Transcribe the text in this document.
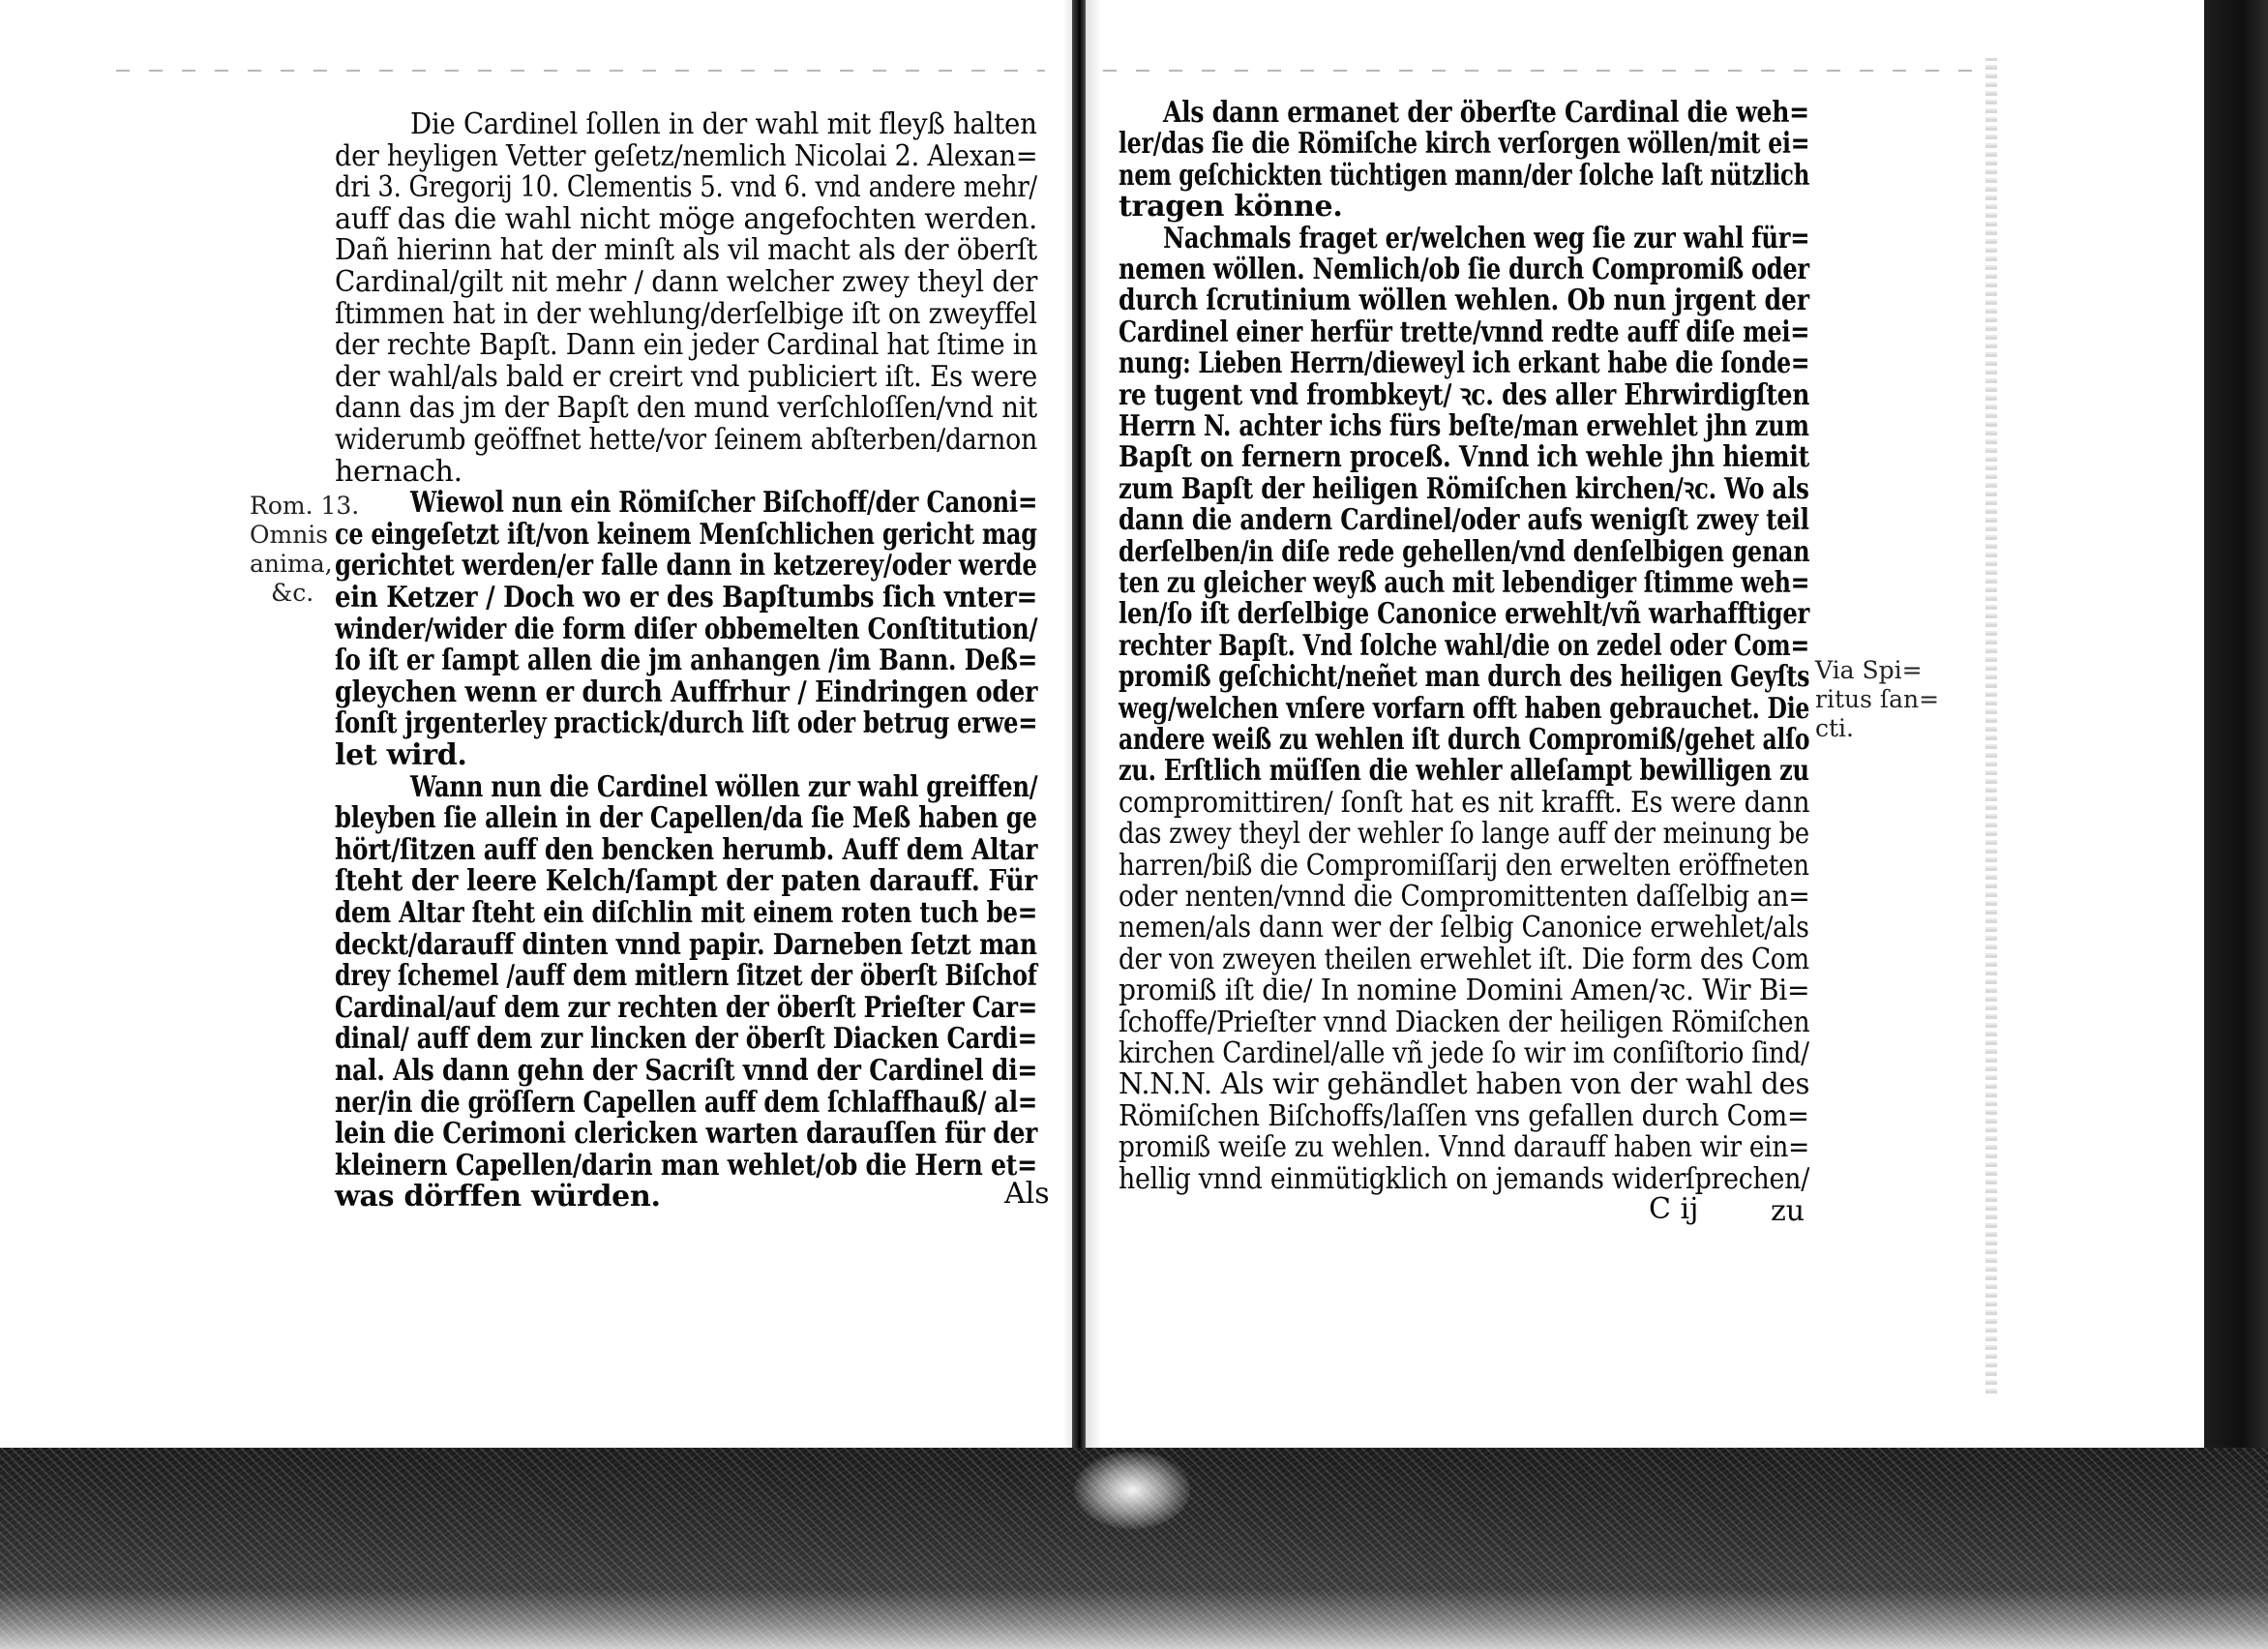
Die Cardinel ſollen in der wahl mit fleyß halten
der heyligen Vetter geſetz/nemlich Nicolai 2. Alexan=
dri 3. Gregorij 10. Clementis 5. vnd 6. vnd andere mehr/
auff das die wahl nicht möge angefochten werden.
Dañ hierinn hat der minſt als vil macht als der öberſt
Cardinal/gilt nit mehr / dann welcher zwey theyl der
ſtimmen hat in der wehlung/derſelbige iſt on zweyffel
der rechte Bapſt. Dann ein jeder Cardinal hat ſtime in
der wahl/als bald er creirt vnd publiciert iſt. Es were
dann das jm der Bapſt den mund verſchloſſen/vnd nit
widerumb geöffnet hette/vor ſeinem abſterben/darnon
hernach.
Wiewol nun ein Römiſcher Biſchoff/der Canoni=
ce eingeſetzt iſt/von keinem Menſchlichen gericht mag
gerichtet werden/er falle dann in ketzerey/oder werde
ein Ketzer / Doch wo er des Bapſtumbs ſich vnter=
winder/wider die form diſer obbemelten Conſtitution/
ſo iſt er ſampt allen die jm anhangen /im Bann. Deß=
gleychen wenn er durch Auffrhur / Eindringen oder
ſonſt jrgenterley practick/durch liſt oder betrug erwe=
let wird.
Wann nun die Cardinel wöllen zur wahl greiffen/
bleyben ſie allein in der Capellen/da ſie Meß haben ge
hört/ſitzen auff den bencken herumb. Auff dem Altar
ſteht der leere Kelch/ſampt der paten darauff. Für
dem Altar ſteht ein diſchlin mit einem roten tuch be=
deckt/darauff dinten vnnd papir. Darneben ſetzt man
drey ſchemel /auff dem mitlern ſitzet der öberſt Biſchof
Cardinal/auf dem zur rechten der öberſt Prieſter Car=
dinal/ auff dem zur lincken der öberſt Diacken Cardi=
nal. Als dann gehn der Sacriſt vnnd der Cardinel di=
ner/in die gröſſern Capellen auff dem ſchlaffhauß/ al=
lein die Cerimoni clericken warten darauſſen für der
kleinern Capellen/darin man wehlet/ob die Hern et=
was dörffen würden.
Rom. 13.
Omnis
anima,
&c.
Als
Als dann ermanet der öberſte Cardinal die weh=
ler/das ſie die Römiſche kirch verſorgen wöllen/mit ei=
nem geſchickten tüchtigen mann/der ſolche laſt nützlich
tragen könne.
Nachmals fraget er/welchen weg ſie zur wahl für=
nemen wöllen. Nemlich/ob ſie durch Compromiß oder
durch ſcrutinium wöllen wehlen. Ob nun jrgent der
Cardinel einer herfür trette/vnnd redte auff diſe mei=
nung: Lieben Herrn/dieweyl ich erkant habe die ſonde=
re tugent vnd frombkeyt/ ꝛc. des aller Ehrwirdigſten
Herrn N. achter ichs fürs beſte/man erwehlet jhn zum
Bapſt on fernern proceß. Vnnd ich wehle jhn hiemit
zum Bapſt der heiligen Römiſchen kirchen/ꝛc. Wo als
dann die andern Cardinel/oder aufs wenigſt zwey teil
derſelben/in diſe rede gehellen/vnd denſelbigen genan
ten zu gleicher weyß auch mit lebendiger ſtimme weh=
len/ſo iſt derſelbige Canonice erwehlt/vñ warhafftiger
rechter Bapſt. Vnd ſolche wahl/die on zedel oder Com=
promiß geſchicht/neñet man durch des heiligen Geyſts
weg/welchen vnſere vorfarn offt haben gebrauchet. Die
andere weiß zu wehlen iſt durch Compromiß/gehet alſo
zu. Erſtlich müſſen die wehler alleſampt bewilligen zu
compromittiren/ ſonſt hat es nit krafft. Es were dann
das zwey theyl der wehler ſo lange auff der meinung be
harren/biß die Compromiſſarij den erwelten eröffneten
oder nenten/vnnd die Compromittenten daſſelbig an=
nemen/als dann wer der ſelbig Canonice erwehlet/als
der von zweyen theilen erwehlet iſt. Die form des Com
promiß iſt die/ In nomine Domini Amen/ꝛc. Wir Bi=
ſchoffe/Prieſter vnnd Diacken der heiligen Römiſchen
kirchen Cardinel/alle vñ jede ſo wir im conſiſtorio ſind/
N.N.N. Als wir gehändlet haben von der wahl des
Römiſchen Biſchoffs/laſſen vns gefallen durch Com=
promiß weiſe zu wehlen. Vnnd darauff haben wir ein=
hellig vnnd einmütigklich on jemands widerſprechen/
Via Spi=
ritus ſan=
cti.
C ij zu
